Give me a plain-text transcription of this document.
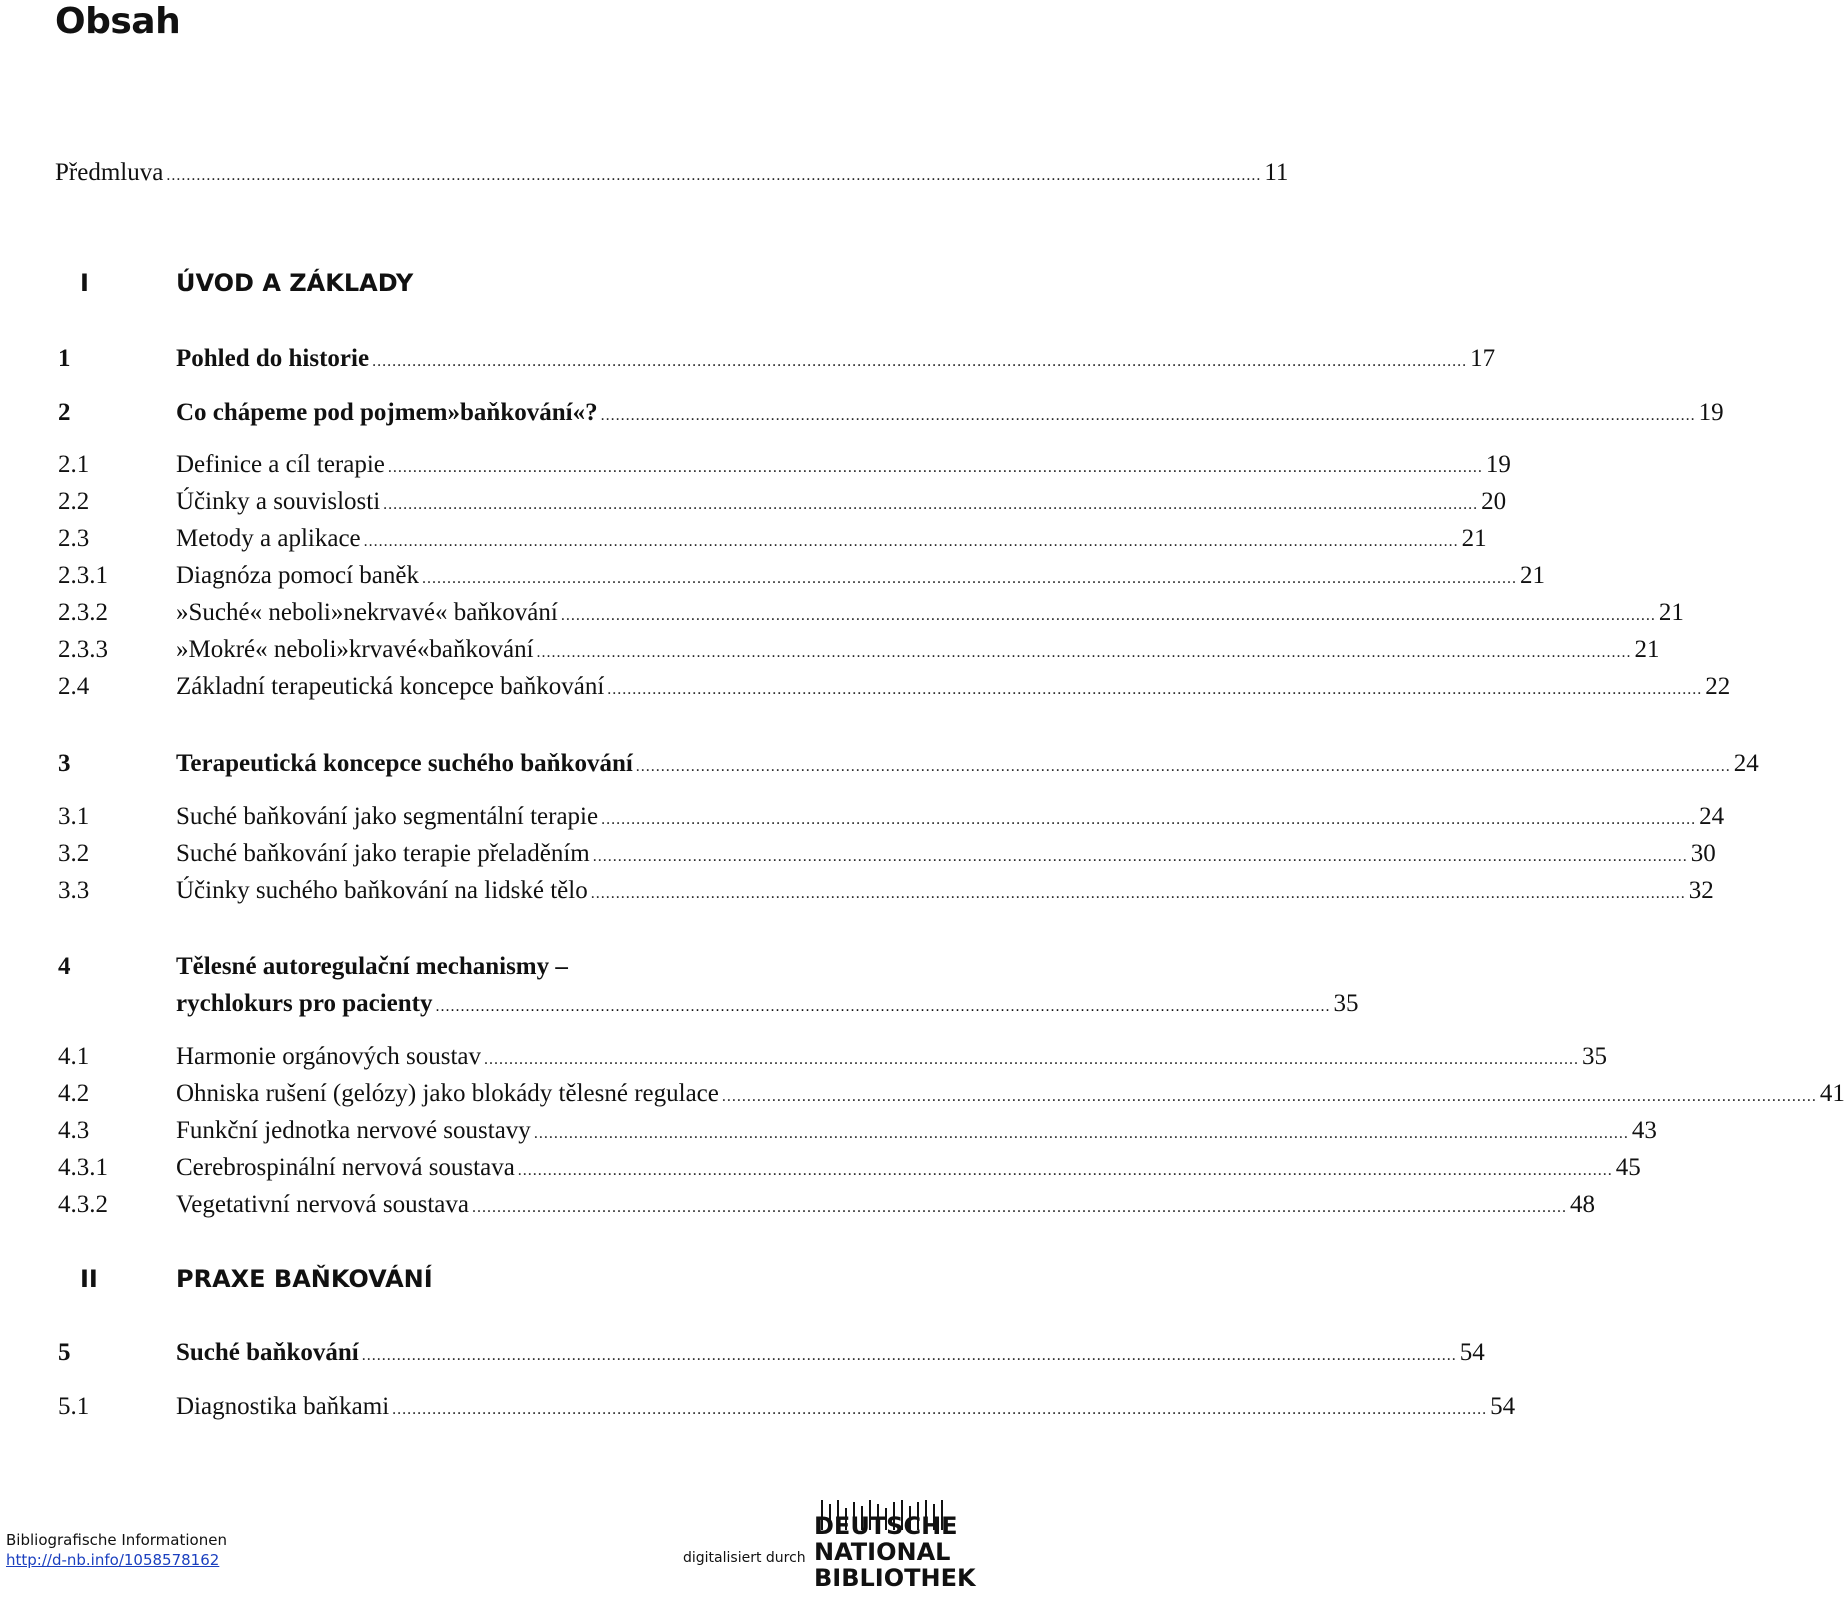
Obsah
Předmluva .....	11
I	ÚVOD A ZÁKLADY
1	Pohled do historie .....	17
2	Co chápeme pod pojmem»baňkování«? .....	19
2.1	Definice a cíl terapie .....	19
2.2	Účinky a souvislosti .....	20
2.3	Metody a aplikace .....	21
2.3.1	Diagnóza pomocí baněk .....	21
2.3.2	»Suché« neboli»nekrvavé« baňkování .....	21
2.3.3	»Mokré« neboli»krvavé«baňkování .....	21
2.4	Základní terapeutická koncepce baňkování .....	22
3	Terapeutická koncepce suchého baňkování .....	24
3.1	Suché baňkování jako segmentální terapie .....	24
3.2	Suché baňkování jako terapie přeladěním .....	30
3.3	Účinky suchého baňkování na lidské tělo .....	32
4	Tělesné autoregulační mechanismy –
rychlokurs pro pacienty .....	35
4.1	Harmonie orgánových soustav .....	35
4.2	Ohniska rušení (gelózy) jako blokády tělesné regulace .....	41
4.3	Funkční jednotka nervové soustavy .....	43
4.3.1	Cerebrospinální nervová soustava .....	45
4.3.2	Vegetativní nervová soustava .....	48
II	PRAXE BAŇKOVÁNÍ
5	Suché baňkování .....	54
5.1	Diagnostika baňkami .....	54
Bibliografische Informationen
http://d-nb.info/1058578162	digitalisiert durch
DEUTSCHE
NATIONAL
BIBLIOTHEK
